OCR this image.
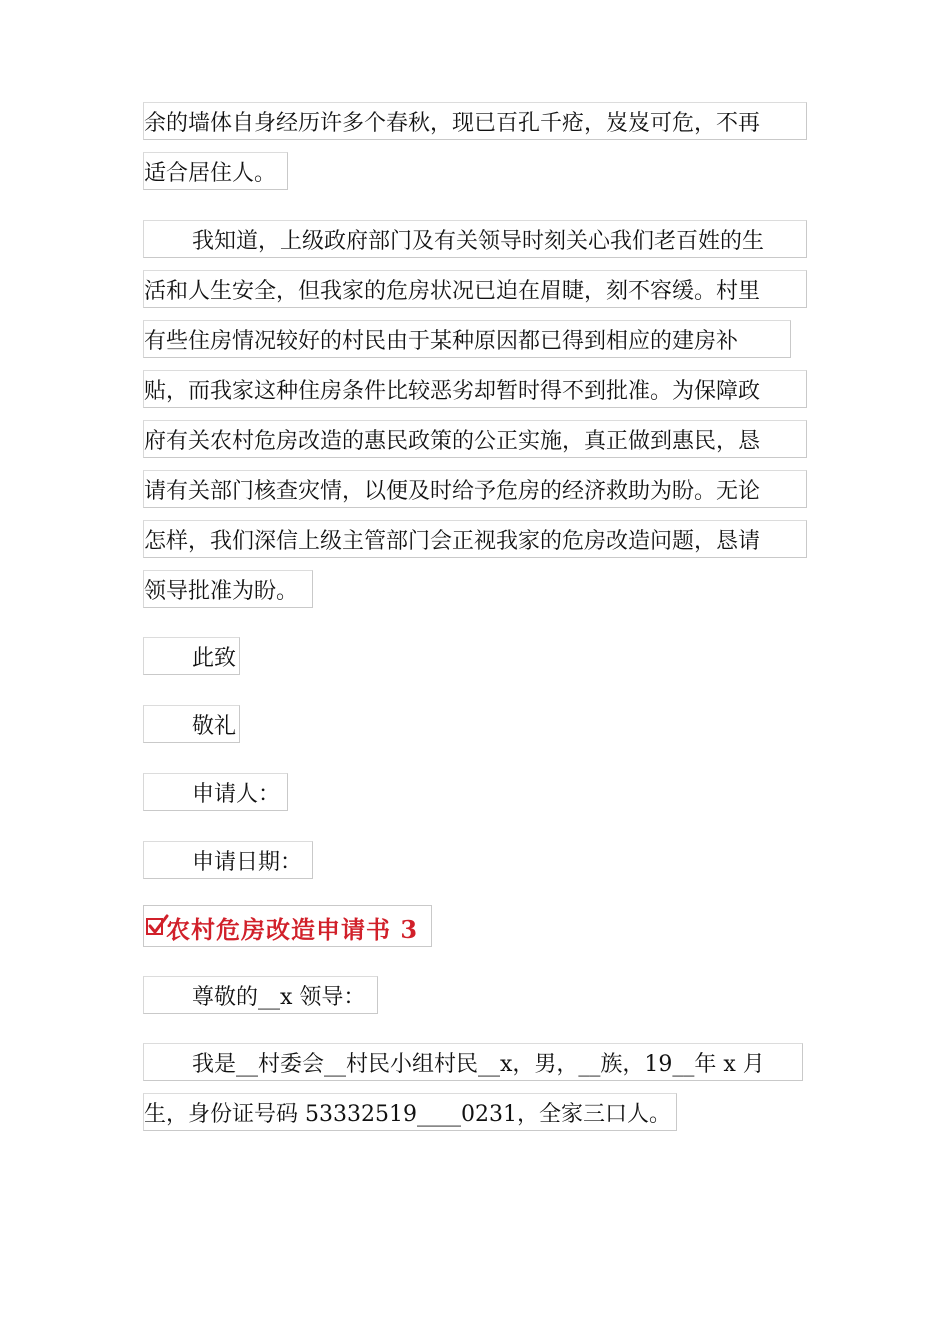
余的墙体自身经历许多个春秋，现已百孔千疮，岌岌可危，不再
适合居住人。
我知道，上级政府部门及有关领导时刻关心我们老百姓的生
活和人生安全，但我家的危房状况已迫在眉睫，刻不容缓。村里
有些住房情况较好的村民由于某种原因都已得到相应的建房补
贴，而我家这种住房条件比较恶劣却暂时得不到批准。为保障政
府有关农村危房改造的惠民政策的公正实施，真正做到惠民，恳
请有关部门核查灾情，以便及时给予危房的经济救助为盼。无论
怎样，我们深信上级主管部门会正视我家的危房改造问题，恳请
领导批准为盼。
此致
敬礼
申请人：
申请日期：
农村危房改造申请书 3
尊敬的__x 领导：
我是__村委会__村民小组村民__x，男，__族，19__年 x 月
生，身份证号码 53332519____0231，全家三口人。
